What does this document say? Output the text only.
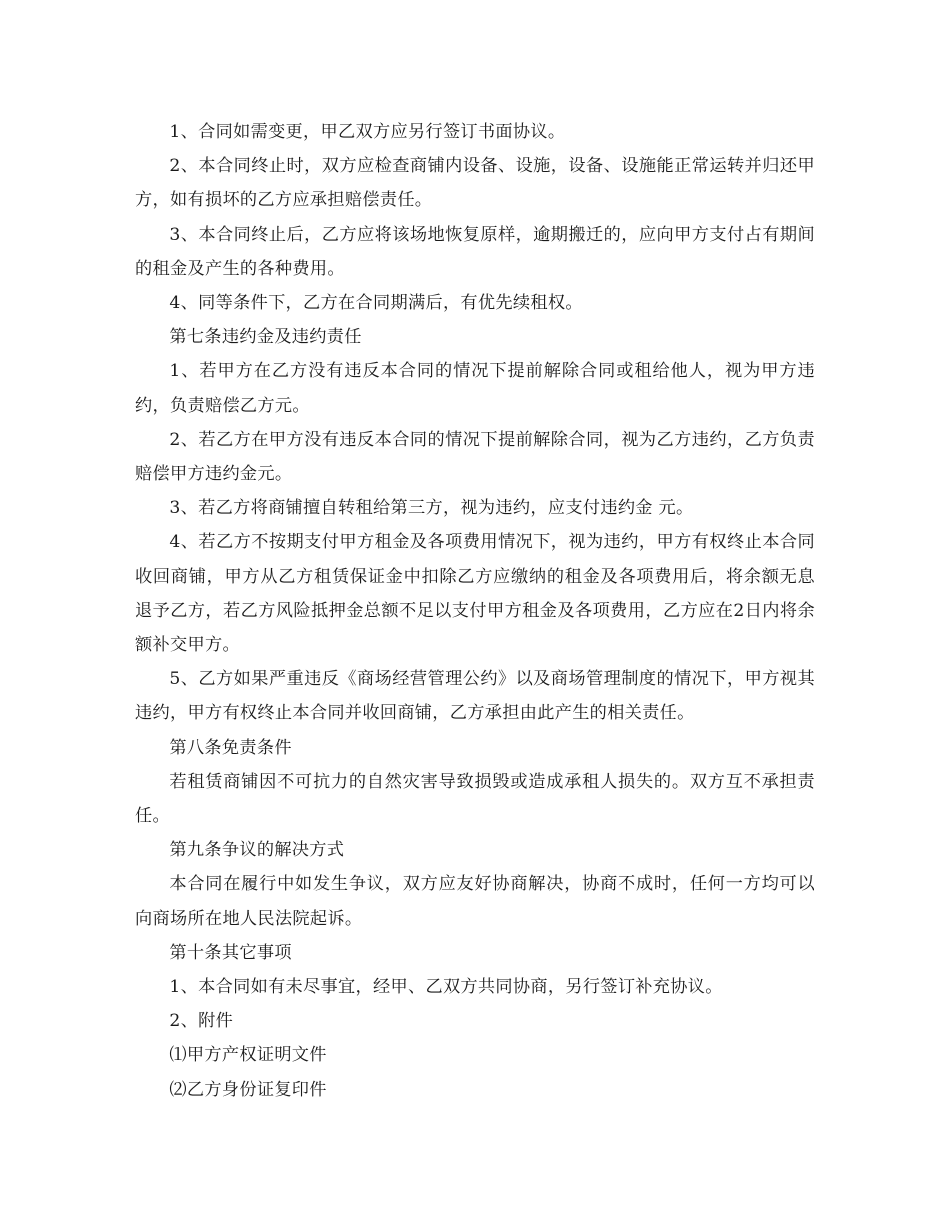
1、合同如需变更，甲乙双方应另行签订书面协议。

2、本合同终止时，双方应检查商铺内设备、设施，设备、设施能正常运转并归还甲方，如有损坏的乙方应承担赔偿责任。

3、本合同终止后，乙方应将该场地恢复原样，逾期搬迁的，应向甲方支付占有期间的租金及产生的各种费用。

4、同等条件下，乙方在合同期满后，有优先续租权。

第七条违约金及违约责任

1、若甲方在乙方没有违反本合同的情况下提前解除合同或租给他人，视为甲方违约，负责赔偿乙方元。

2、若乙方在甲方没有违反本合同的情况下提前解除合同，视为乙方违约，乙方负责赔偿甲方违约金元。

3、若乙方将商铺擅自转租给第三方，视为违约，应支付违约金 元。

4、若乙方不按期支付甲方租金及各项费用情况下，视为违约，甲方有权终止本合同收回商铺，甲方从乙方租赁保证金中扣除乙方应缴纳的租金及各项费用后，将余额无息退予乙方，若乙方风险抵押金总额不足以支付甲方租金及各项费用，乙方应在2日内将余额补交甲方。

5、乙方如果严重违反《商场经营管理公约》以及商场管理制度的情况下，甲方视其违约，甲方有权终止本合同并收回商铺，乙方承担由此产生的相关责任。

第八条免责条件

若租赁商铺因不可抗力的自然灾害导致损毁或造成承租人损失的。双方互不承担责任。

第九条争议的解决方式

本合同在履行中如发生争议，双方应友好协商解决，协商不成时，任何一方均可以向商场所在地人民法院起诉。

第十条其它事项

1、本合同如有未尽事宜，经甲、乙双方共同协商，另行签订补充协议。

2、附件

⑴甲方产权证明文件

⑵乙方身份证复印件
